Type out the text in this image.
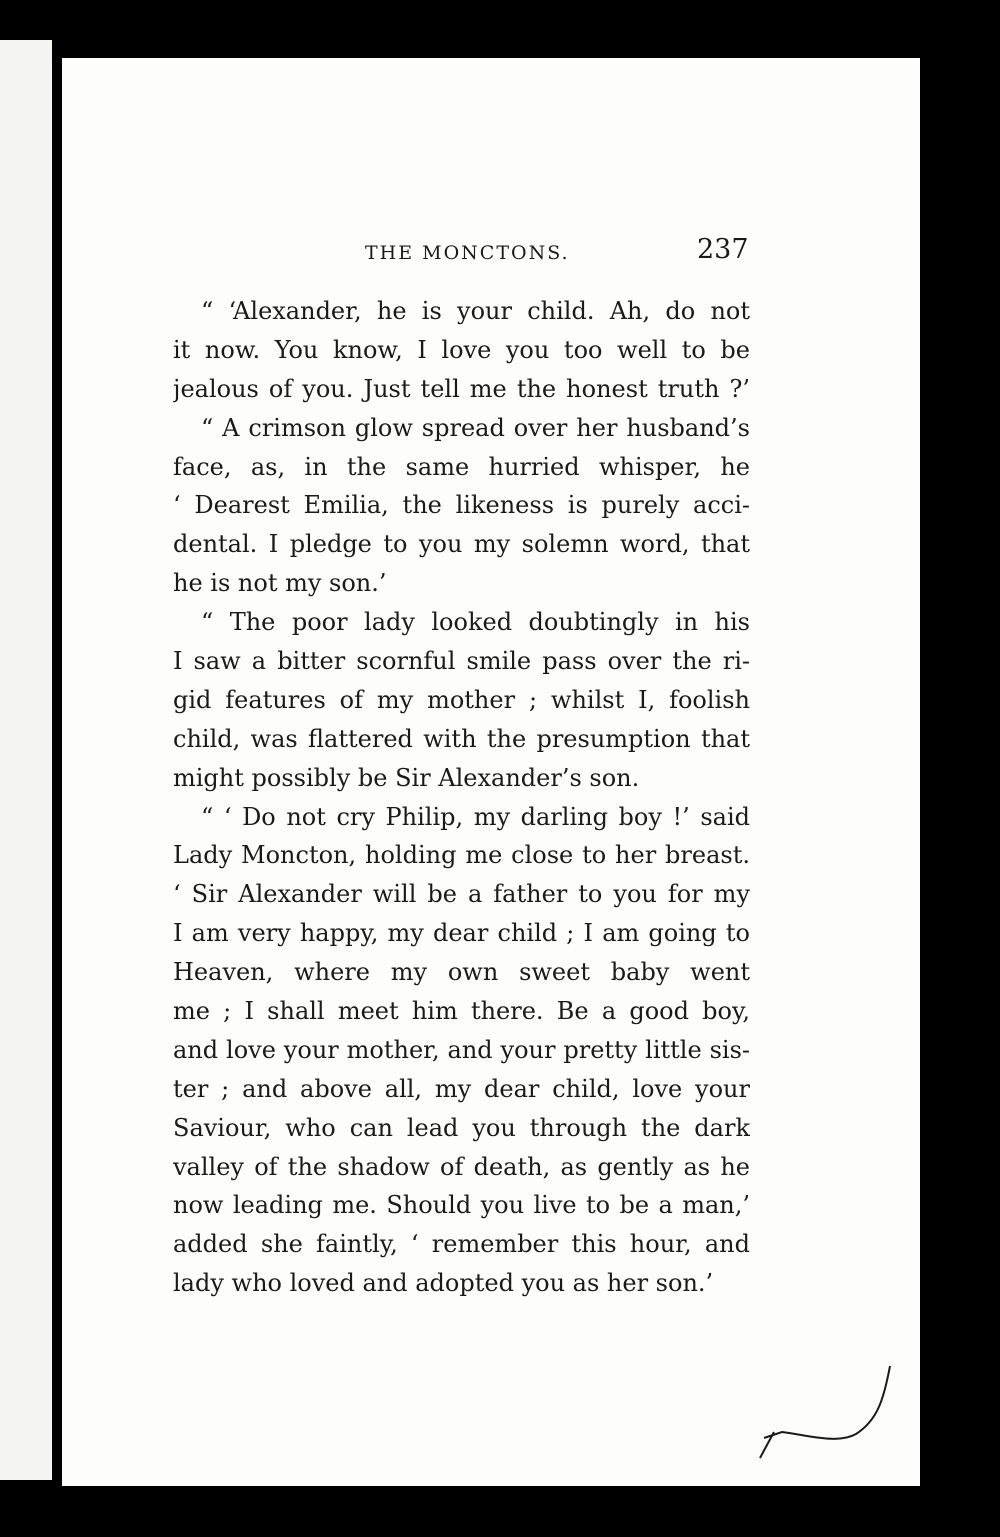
THE MONCTONS.	237
“ ‘Alexander, he is your child. Ah, do not
it now. You know, I love you too well to be
jealous of you. Just tell me the honest truth ?’
“ A crimson glow spread over her husband’s
face, as, in the same hurried whisper, he
‘ Dearest Emilia, the likeness is purely acci-
dental. I pledge to you my solemn word, that
he is not my son.’
“ The poor lady looked doubtingly in his
I saw a bitter scornful smile pass over the ri-
gid features of my mother ; whilst I, foolish
child, was flattered with the presumption that
might possibly be Sir Alexander’s son.
“ ‘ Do not cry Philip, my darling boy !’ said
Lady Moncton, holding me close to her breast.
‘ Sir Alexander will be a father to you for my
I am very happy, my dear child ; I am going to
Heaven, where my own sweet baby went
me ; I shall meet him there. Be a good boy,
and love your mother, and your pretty little sis-
ter ; and above all, my dear child, love your
Saviour, who can lead you through the dark
valley of the shadow of death, as gently as he
now leading me. Should you live to be a man,’
added she faintly, ‘ remember this hour, and
lady who loved and adopted you as her son.’
